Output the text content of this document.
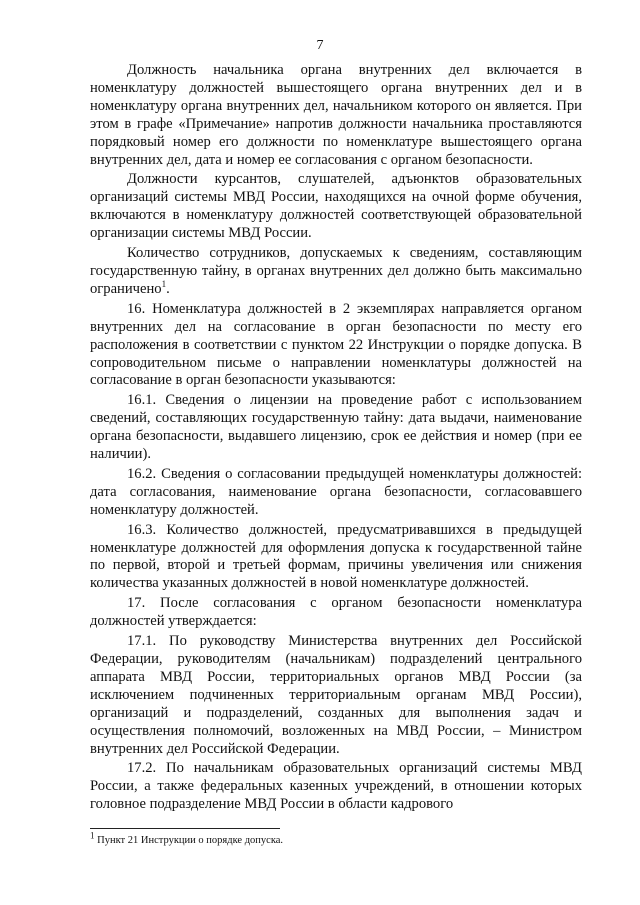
7

Должность начальника органа внутренних дел включается в номенклатуру должностей вышестоящего органа внутренних дел и в номенклатуру органа внутренних дел, начальником которого он является. При этом в графе «Примечание» напротив должности начальника проставляются порядковый номер его должности по номенклатуре вышестоящего органа внутренних дел, дата и номер ее согласования с органом безопасности.

Должности курсантов, слушателей, адъюнктов образовательных организаций системы МВД России, находящихся на очной форме обучения, включаются в номенклатуру должностей соответствующей образовательной организации системы МВД России.

Количество сотрудников, допускаемых к сведениям, составляющим государственную тайну, в органах внутренних дел должно быть максимально ограничено$^1$.

16. Номенклатура должностей в 2 экземплярах направляется органом внутренних дел на согласование в орган безопасности по месту его расположения в соответствии с пунктом 22 Инструкции о порядке допуска. В сопроводительном письме о направлении номенклатуры должностей на согласование в орган безопасности указываются:

16.1. Сведения о лицензии на проведение работ с использованием сведений, составляющих государственную тайну: дата выдачи, наименование органа безопасности, выдавшего лицензию, срок ее действия и номер (при ее наличии).

16.2. Сведения о согласовании предыдущей номенклатуры должностей: дата согласования, наименование органа безопасности, согласовавшего номенклатуру должностей.

16.3. Количество должностей, предусматривавшихся в предыдущей номенклатуре должностей для оформления допуска к государственной тайне по первой, второй и третьей формам, причины увеличения или снижения количества указанных должностей в новой номенклатуре должностей.

17. После согласования с органом безопасности номенклатура должностей утверждается:

17.1. По руководству Министерства внутренних дел Российской Федерации, руководителям (начальникам) подразделений центрального аппарата МВД России, территориальных органов МВД России (за исключением подчиненных территориальным органам МВД России), организаций и подразделений, созданных для выполнения задач и осуществления полномочий, возложенных на МВД России, – Министром внутренних дел Российской Федерации.

17.2. По начальникам образовательных организаций системы МВД России, а также федеральных казенных учреждений, в отношении которых головное подразделение МВД России в области кадрового

$^1$ Пункт 21 Инструкции о порядке допуска.
